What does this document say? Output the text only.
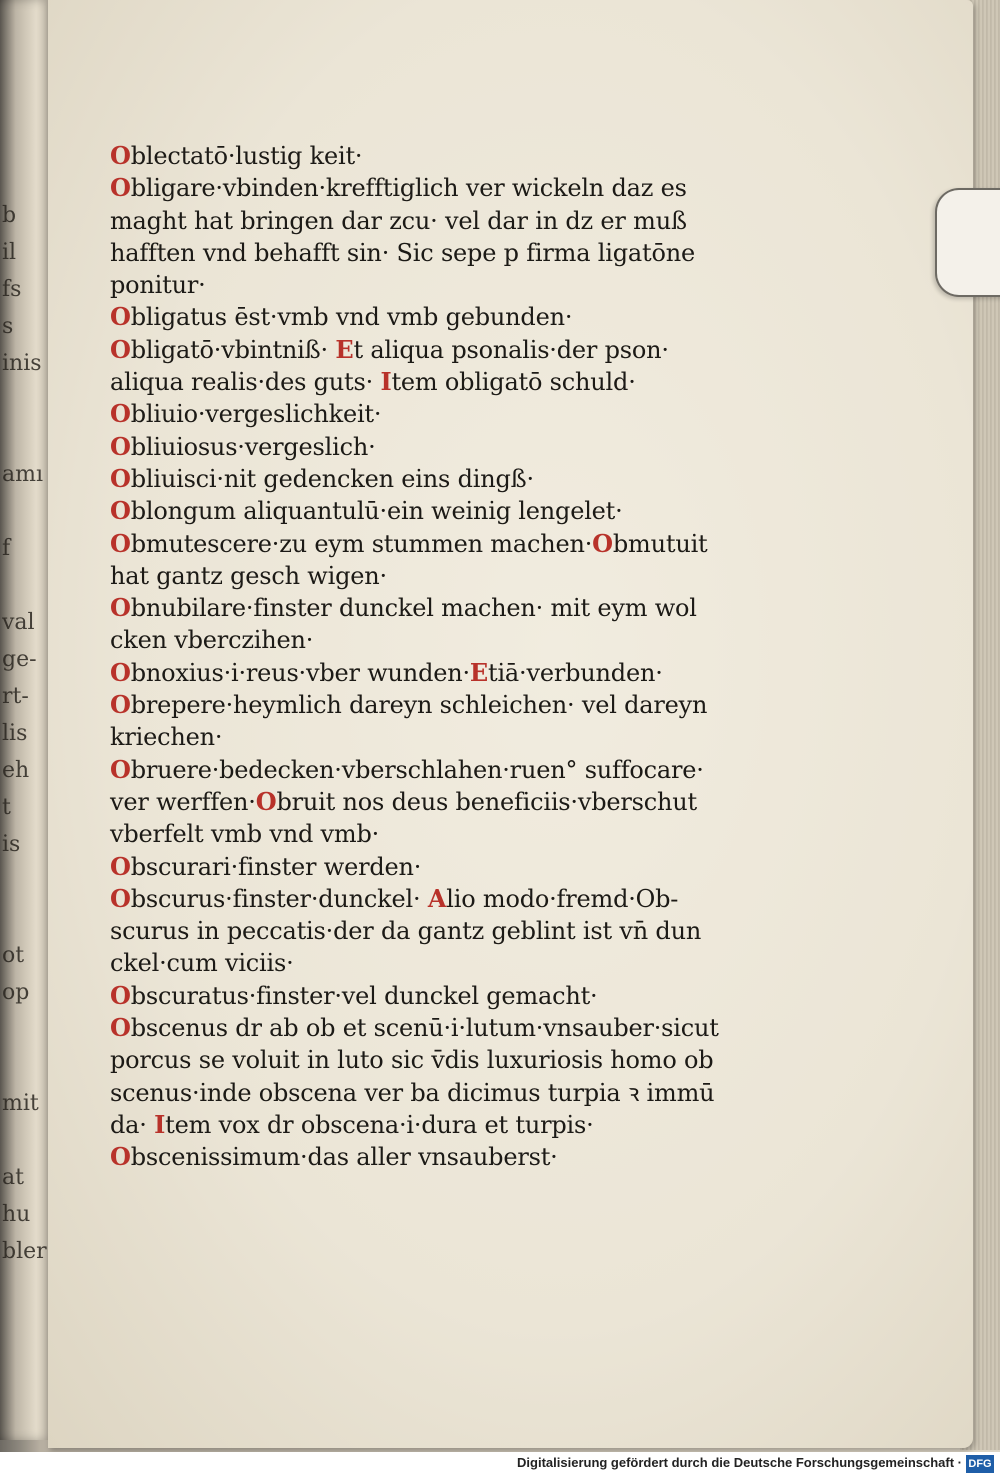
b
il
fs
s
inis

amı

f

val
ge-
rt-
lis
eh
t
is

ot
op

mit

at
hu
bler

Oblectatō·lustig keit·
Obligare·vbinden·krefftiglich ver wickeln daz es
maght hat bringen dar zcu· vel dar in dz er muß
hafften vnd behafft sin· Sic sepe p firma ligatōne
ponitur·
Obligatus ēst·vmb vnd vmb gebunden·
Obligatō·vbintniß· Et aliqua psonalis·der pson·
aliqua realis·des guts· Item obligatō schuld·
Obliuio·vergeslichkeit·
Obliuiosus·vergeslich·
Obliuisci·nit gedencken eins dingß·
Oblongum aliquantulū·ein weinig lengelet·
Obmutescere·zu eym stummen machen·Obmutuit
hat gantz gesch wigen·
Obnubilare·finster dunckel machen· mit eym wol
cken vberczihen·
Obnoxius·i·reus·vber wunden·Etiā·verbunden·
Obrepere·heymlich dareyn schleichen· vel dareyn
kriechen·
Obruere·bedecken·vberschlahen·ruen° suffocare·
ver werffen·Obruit nos deus beneficiis·vberschut
vberfelt vmb vnd vmb·
Obscurari·finster werden·
Obscurus·finster·dunckel· Alio modo·fremd·Ob-
scurus in peccatis·der da gantz geblint ist vn̄ dun
ckel·cum viciis·
Obscuratus·finster·vel dunckel gemacht·
Obscenus dr ab ob et scenū·i·lutum·vnsauber·sicut
porcus se voluit in luto sic v̄dis luxuriosis homo ob
scenus·inde obscena ver ba dicimus turpia ꝛ immū
da· Item vox dr obscena·i·dura et turpis·
Obscenissimum·das aller vnsauberst·
Digitalisierung gefördert durch die Deutsche Forschungsgemeinschaft · DFG
